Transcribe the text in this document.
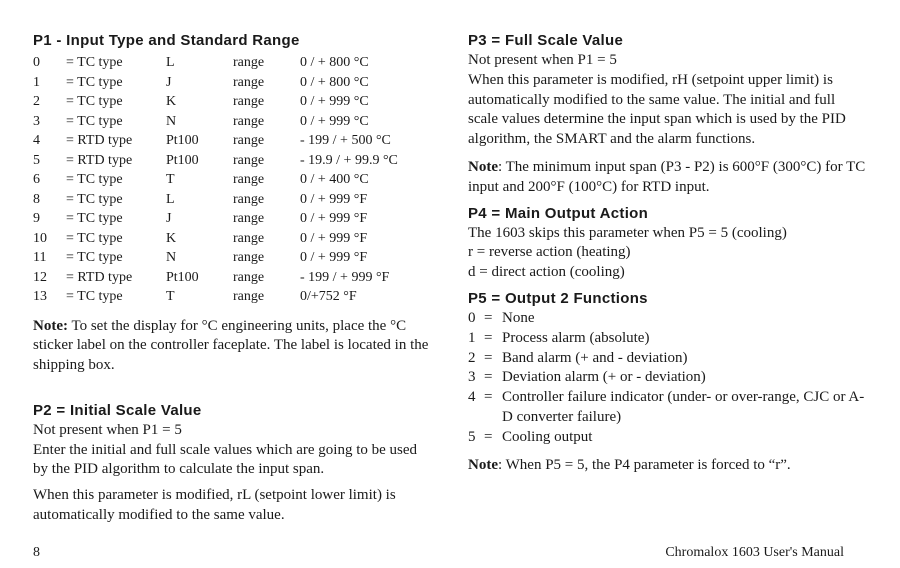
P1 - Input Type and Standard Range
0 = TC type	L	range	0 / + 800 °C
1 = TC type	J	range	0 / + 800 °C
2 = TC type	K	range	0 / + 999 °C
3 = TC type	N	range	0 / + 999 °C
4 = RTD type Pt100 range	- 199 / + 500 °C
5 = RTD type Pt100 range	- 19.9 / + 99.9 °C
6 = TC type	T	range	0 / + 400 °C
8 = TC type	L	range	0 / + 999 °F
9 = TC type	J	range	0 / + 999 °F
10 = TC type	K	range	0 / + 999 °F
11 = TC type	N	range	0 / + 999 °F
12 = RTD type Pt100 range	- 199 / + 999 °F
13 = TC type	T	range	0/+752 °F

Note: To set the display for °C engineering units, place the °C sticker label on the controller faceplate. The label is located in the shipping box.

P2 = Initial Scale Value

Not present when P1 = 5

Enter the initial and full scale values which are going to be used by the PID algorithm to calculate the input span.

When this parameter is modified, rL (setpoint lower limit) is automatically modified to the same value.

P3 = Full Scale Value

Not present when P1 = 5

When this parameter is modified, rH (setpoint upper limit) is automatically modified to the same value. The initial and full scale values determine the input span which is used by the PID algorithm, the SMART and the alarm functions.

Note: The minimum input span (P3 - P2) is 600°F (300°C) for TC input and 200°F (100°C) for RTD input.

P4 = Main Output Action

The 1603 skips this parameter when P5 = 5 (cooling)

r = reverse action (heating)

d = direct action (cooling)

P5 = Output 2 Functions
0 = None
1 = Process alarm (absolute)
2 = Band alarm (+ and - deviation)
3 = Deviation alarm (+ or - deviation)
4 = Controller failure indicator (under- or over-range, CJC or A-D converter failure)
5 = Cooling output

Note: When P5 = 5, the P4 parameter is forced to “r”.

8	Chromalox 1603 User's Manual
